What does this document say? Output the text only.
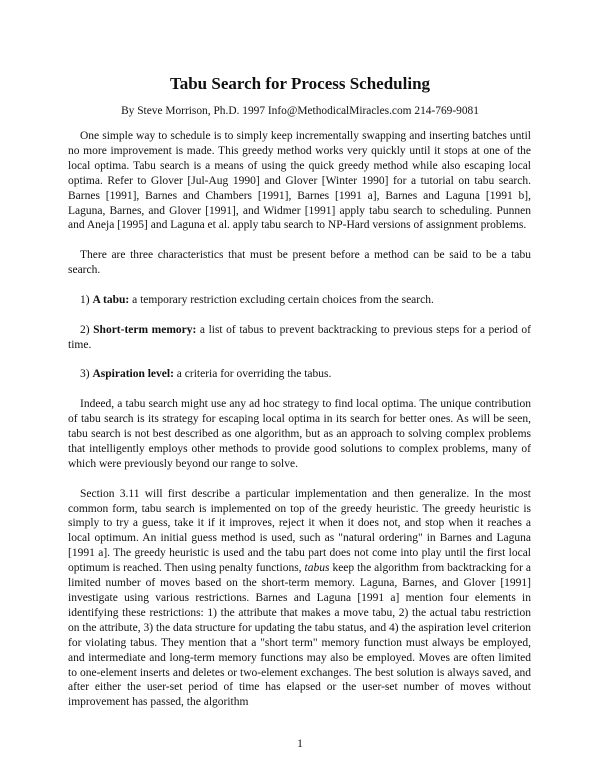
Tabu Search for Process Scheduling
By Steve Morrison, Ph.D. 1997 Info@MethodicalMiracles.com 214-769-9081

One simple way to schedule is to simply keep incrementally swapping and inserting batches until no more improvement is made. This greedy method works very quickly until it stops at one of the local optima. Tabu search is a means of using the quick greedy method while also escaping local optima. Refer to Glover [Jul-Aug 1990] and Glover [Winter 1990] for a tutorial on tabu search. Barnes [1991], Barnes and Chambers [1991], Barnes [1991 a], Barnes and Laguna [1991 b], Laguna, Barnes, and Glover [1991], and Widmer [1991] apply tabu search to scheduling. Punnen and Aneja [1995] and Laguna et al. apply tabu search to NP-Hard versions of assignment problems.

There are three characteristics that must be present before a method can be said to be a tabu search.

1) A tabu: a temporary restriction excluding certain choices from the search.

2) Short-term memory: a list of tabus to prevent backtracking to previous steps for a period of time.

3) Aspiration level: a criteria for overriding the tabus.

Indeed, a tabu search might use any ad hoc strategy to find local optima. The unique contribution of tabu search is its strategy for escaping local optima in its search for better ones. As will be seen, tabu search is not best described as one algorithm, but as an approach to solving complex problems that intelligently employs other methods to provide good solutions to complex problems, many of which were previously beyond our range to solve.

Section 3.11 will first describe a particular implementation and then generalize. In the most common form, tabu search is implemented on top of the greedy heuristic. The greedy heuristic is simply to try a guess, take it if it improves, reject it when it does not, and stop when it reaches a local optimum. An initial guess method is used, such as "natural ordering" in Barnes and Laguna [1991 a]. The greedy heuristic is used and the tabu part does not come into play until the first local optimum is reached. Then using penalty functions, tabus keep the algorithm from backtracking for a limited number of moves based on the short-term memory. Laguna, Barnes, and Glover [1991] investigate using various restrictions. Barnes and Laguna [1991 a] mention four elements in identifying these restrictions: 1) the attribute that makes a move tabu, 2) the actual tabu restriction on the attribute, 3) the data structure for updating the tabu status, and 4) the aspiration level criterion for violating tabus. They mention that a "short term" memory function must always be employed, and intermediate and long-term memory functions may also be employed. Moves are often limited to one-element inserts and deletes or two-element exchanges. The best solution is always saved, and after either the user-set period of time has elapsed or the user-set number of moves without improvement has passed, the algorithm

1
